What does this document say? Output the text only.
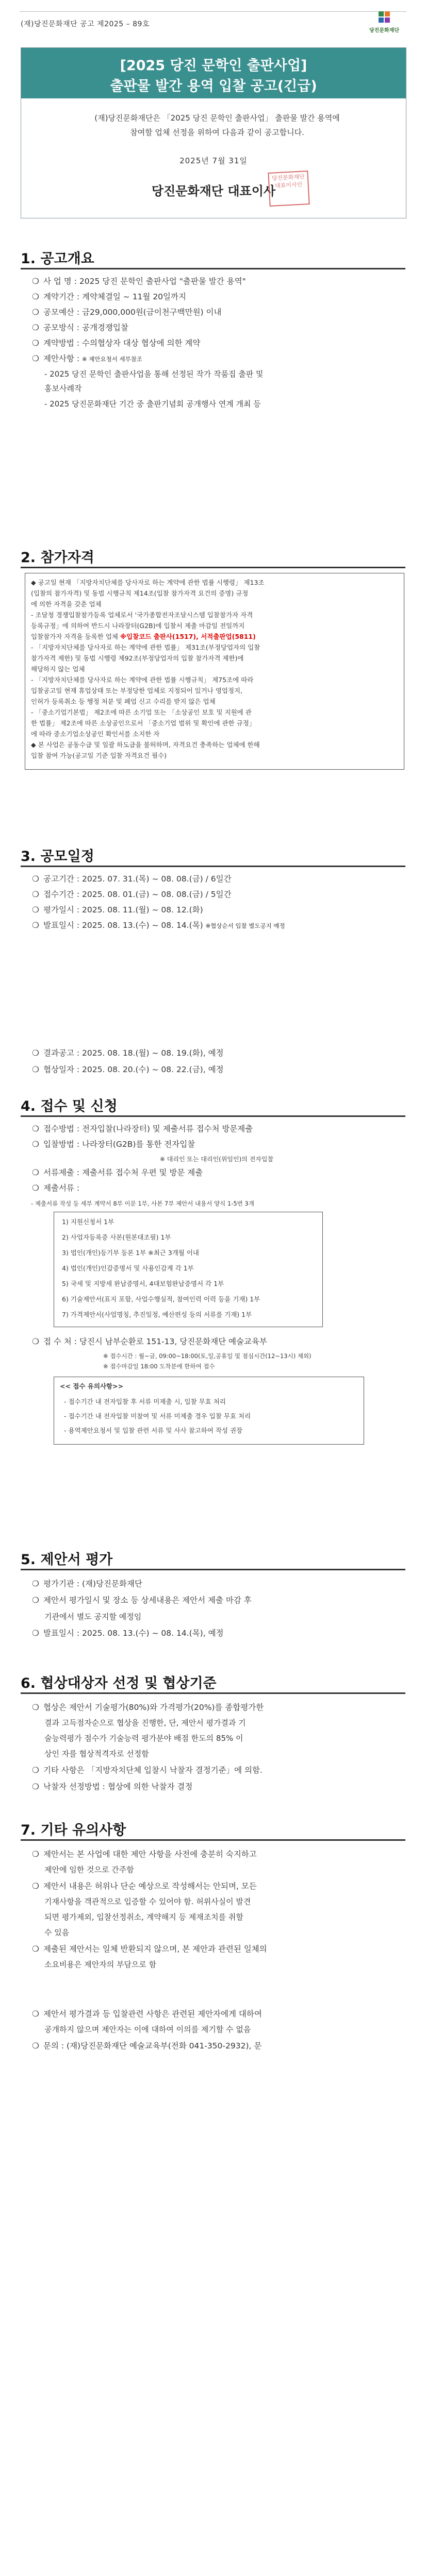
(재)당진문화재단 공고 제2025 – 89호
당진문화재단
[2025 당진 문학인 출판사업]
출판물 발간 용역 입찰 공고(긴급)
(재)당진문화재단은 「2025 당진 문학인 출판사업」 출판물 발간 용역에
참여할 업체 선정을 위하여 다음과 같이 공고합니다.
2025년 7월 31일
당진문화재단 대표이사
당진문화재단대표이사인
1. 공고개요
❍ 사 업 명 : 2025 당진 문학인 출판사업 "출판물 발간 용역"
❍ 계약기간 : 계약체결일 ~ 11월 20일까지
❍ 공모예산 : 금29,000,000원(금이천구백만원) 이내
❍ 공모방식 : 공개경쟁입찰
❍ 계약방법 : 수의협상자 대상 협상에 의한 계약
❍ 제안사항 : ※ 제안요청서 세부참조
- 2025 당진 문학인 출판사업을 통해 선정된 작가 작품집 출판 및
홍보사례작
- 2025 당진문화재단 기간 중 출판기념회 공개행사 연계 개최 등
2. 참가자격
◆ 공고일 현재 「지방자치단체를 당사자로 하는 계약에 관한 법률 시행령」 제13조
(입찰의 참가자격) 및 동법 시행규칙 제14조(입찰 참가자격 요건의 증명) 규정
에 의한 자격을 갖춘 업체
- 조달청 경쟁입찰참가등록 업체로서 '국가종합전자조달시스템 입찰참가자 자격
등록규정」에 의하여 반드시 나라장터(G2B)에 입찰서 제출 마감일 전일까지
입찰참가자 자격을 등록한 업체 ※입찰코드 출판사(1517), 서적출판업(5811)
- 「지방자치단체를 당사자로 하는 계약에 관한 법률」 제31조(부정당업자의 입찰
참가자격 제한) 및 동법 시행령 제92조(부정당업자의 입찰 참가자격 제한)에
해당하지 않는 업체
- 「지방자치단체를 당사자로 하는 계약에 관한 법률 시행규칙」 제75조에 따라
입찰공고일 현재 휴업상태 또는 부정당한 업체로 지정되어 있거나 영업정지,
인허가 등록취소 등 행정 처분 및 폐업 신고 수리를 받지 않은 업체
- 「중소기업기본법」 제2조에 따른 소기업 또는 「소상공인 보호 및 지원에 관
한 법률」 제2조에 따른 소상공인으로서 「중소기업 범위 및 확인에 관한 규정」
에 따라 중소기업소상공인 확인서를 소지한 자
◆ 본 사업은 공동수급 및 일괄 하도급을 불허하며, 자격요건 충족하는 업체에 한해
입찰 참여 가능(공고일 기준 입찰 자격요건 필수)
3. 공모일정
❍ 공고기간 : 2025. 07. 31.(목) ~ 08. 08.(금) / 6일간
❍ 접수기간 : 2025. 08. 01.(금) ~ 08. 08.(금) / 5일간
❍ 평가일시 : 2025. 08. 11.(월) ~ 08. 12.(화)
❍ 발표일시 : 2025. 08. 13.(수) ~ 08. 14.(목) ※협상순서 입찰 별도공지 예정
❍ 결과공고 : 2025. 08. 18.(월) ~ 08. 19.(화), 예정
❍ 협상일자 : 2025. 08. 20.(수) ~ 08. 22.(금), 예정
4. 접수 및 신청
❍ 접수방법 : 전자입찰(나라장터) 및 제출서류 접수처 방문제출
❍ 입찰방법 : 나라장터(G2B)를 통한 전자입찰
※ 대리인 또는 대리인(위임인)의 전자입찰
❍ 서류제출 : 제출서류 접수처 우편 및 방문 제출
❍ 제출서류 :
- 제출서류 작성 등 세부 계약서 8부 이문 1부, 사본 7부 제안서 내용서 양식 1-5번 3개
1) 지원신청서 1부
2) 사업자등록증 사본(원본대조필) 1부
3) 법인(개인)등기부 등본 1부 ※최근 3개월 이내
4) 법인(개인)인감증명서 및 사용인감계 각 1부
5) 국세 및 지방세 완납증명서, 4대보험완납증명서 각 1부
6) 기술제안서(표지 포함, 사업수행실적, 참여인력 이력 등을 기재) 1부
7) 가격제안서(사업명칭, 추진일정, 예산편성 등의 서류를 기재) 1부
❍ 접 수 처 : 당진시 남부순환로 151-13, 당진문화재단 예술교육부
※ 접수시간 : 월~금, 09:00~18:00(토,일,공휴일 및 점심시간(12~13시) 제외)
※ 접수마감일 18:00 도착분에 한하여 접수
<< 접수 유의사항>>
- 접수기간 내 전자입찰 후 서류 미제출 시, 입찰 무효 처리
- 접수기간 내 전자입찰 미참여 및 서류 미제출 경우 입찰 무효 처리
- 용역제안요청서 및 입찰 관련 서류 및 사사 참고하여 작성 권장
5. 제안서 평가
❍ 평가기관 : (재)당진문화재단
❍ 제안서 평가일시 및 장소 등 상세내용은 제안서 제출 마감 후
기관에서 별도 공지할 예정임
❍ 발표일시 : 2025. 08. 13.(수) ~ 08. 14.(목), 예정
6. 협상대상자 선정 및 협상기준
❍ 협상은 제안서 기술평가(80%)와 가격평가(20%)를 종합평가한
결과 고득점자순으로 협상을 진행한, 단, 제안서 평가결과 기
술능력평가 점수가 기술능력 평가분야 배점 한도의 85% 이
상인 자를 협상적격자로 선정함
❍ 기타 사항은 「지방자치단체 입찰시 낙찰자 결정기준」에 의함.
❍ 낙찰자 선정방법 : 협상에 의한 낙찰자 결정
7. 기타 유의사항
❍ 제안서는 본 사업에 대한 제안 사항을 사전에 충분히 숙지하고
제안에 임한 것으로 간주함
❍ 제안서 내용은 허위나 단순 예상으로 작성해서는 안되며, 모든
기재사항을 객관적으로 입증할 수 있어야 함. 허위사실이 발견
되면 평가제외, 입찰선정취소, 계약해지 등 제재조치를 취할
수 있음
❍ 제출된 제안서는 일체 반환되지 않으며, 본 제안과 관련된 일체의
소요비용은 제안자의 부담으로 함
❍ 제안서 평가결과 등 입찰관련 사항은 관련된 제안자에게 대하여
공개하지 않으며 제안자는 이에 대하여 이의를 제기할 수 없음
❍ 문의 : (재)당진문화재단 예술교육부(전화 041-350-2932), 문
